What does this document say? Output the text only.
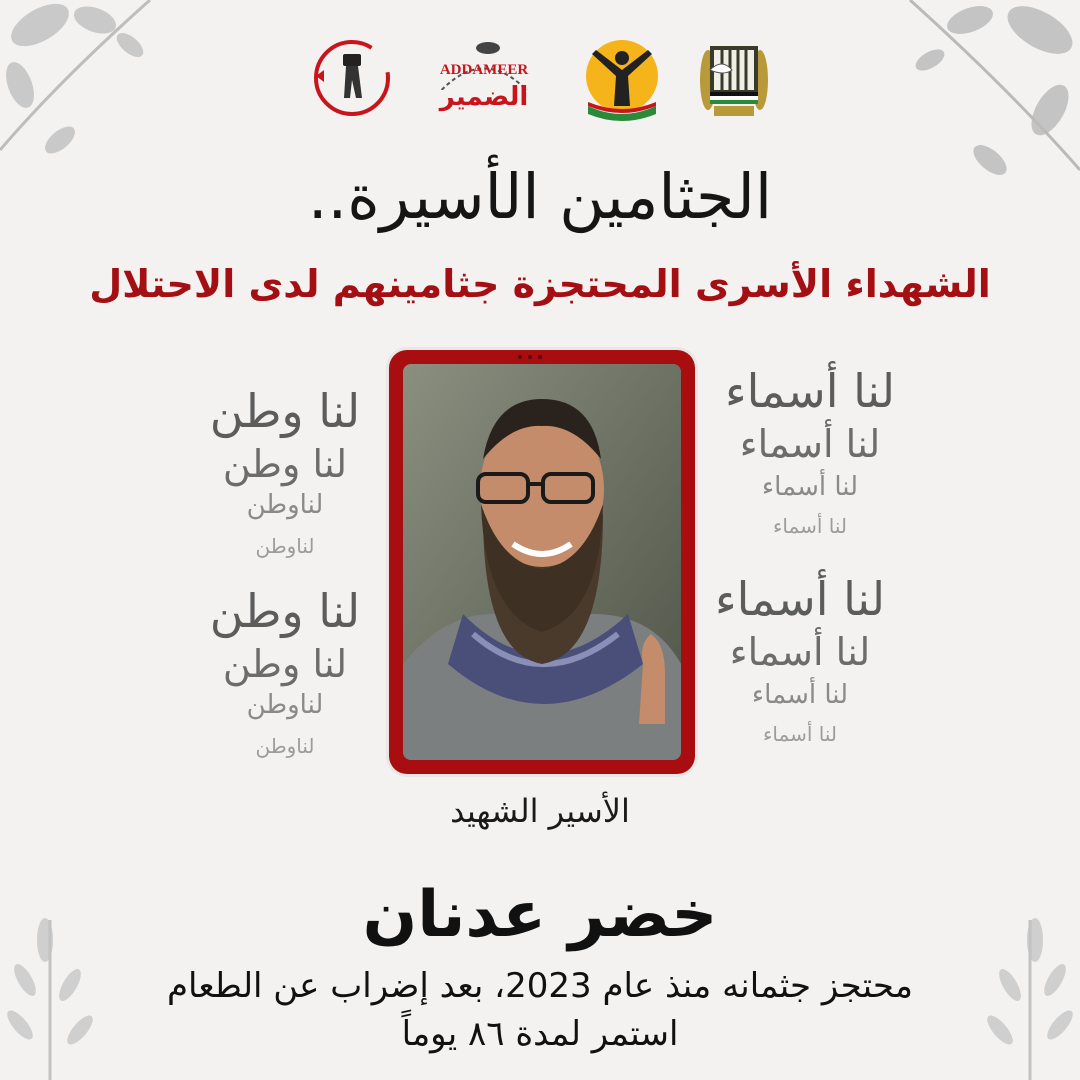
ADDAMEER
الضمير
الجثامين الأسيرة..
الشهداء الأسرى المحتجزة جثامينهم لدى الاحتلال
لنا وطن
لنا وطن
لناوطن
لناوطن
لنا وطن
لنا وطن
لناوطن
لناوطن
لنا أسماء
لنا أسماء
لنا أسماء
لنا أسماء
لنا أسماء
لنا أسماء
لنا أسماء
لنا أسماء
الأسير الشهيد
خضر عدنان
محتجز جثمانه منذ عام 2023، بعد إضراب عن الطعام
استمر لمدة ٨٦ يوماً
